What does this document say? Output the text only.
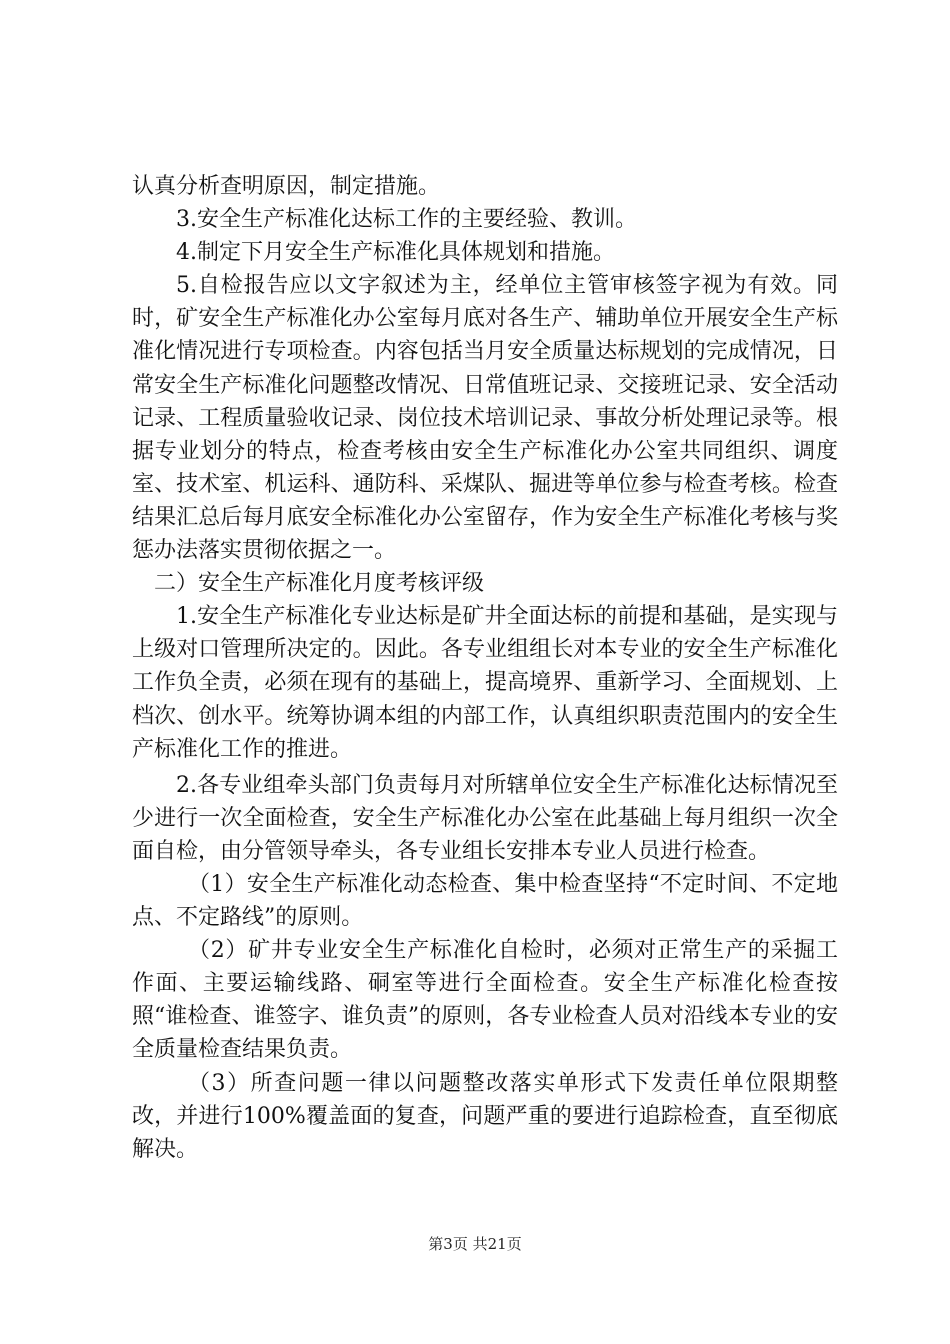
认真分析查明原因，制定措施。

3.安全生产标准化达标工作的主要经验、教训。

4.制定下月安全生产标准化具体规划和措施。

5.自检报告应以文字叙述为主，经单位主管审核签字视为有效。同时，矿安全生产标准化办公室每月底对各生产、辅助单位开展安全生产标准化情况进行专项检查。内容包括当月安全质量达标规划的完成情况，日常安全生产标准化问题整改情况、日常值班记录、交接班记录、安全活动记录、工程质量验收记录、岗位技术培训记录、事故分析处理记录等。根据专业划分的特点，检查考核由安全生产标准化办公室共同组织、调度室、技术室、机运科、通防科、采煤队、掘进等单位参与检查考核。检查结果汇总后每月底安全标准化办公室留存，作为安全生产标准化考核与奖惩办法落实贯彻依据之一。

二）安全生产标准化月度考核评级

1.安全生产标准化专业达标是矿井全面达标的前提和基础，是实现与上级对口管理所决定的。因此。各专业组组长对本专业的安全生产标准化工作负全责，必须在现有的基础上，提高境界、重新学习、全面规划、上档次、创水平。统筹协调本组的内部工作，认真组织职责范围内的安全生产标准化工作的推进。

2.各专业组牵头部门负责每月对所辖单位安全生产标准化达标情况至少进行一次全面检查，安全生产标准化办公室在此基础上每月组织一次全面自检，由分管领导牵头，各专业组长安排本专业人员进行检查。

（1）安全生产标准化动态检查、集中检查坚持“不定时间、不定地点、不定路线”的原则。

（2）矿井专业安全生产标准化自检时，必须对正常生产的采掘工作面、主要运输线路、硐室等进行全面检查。安全生产标准化检查按照“谁检查、谁签字、谁负责”的原则，各专业检查人员对沿线本专业的安全质量检查结果负责。

（3）所查问题一律以问题整改落实单形式下发责任单位限期整改，并进行100%覆盖面的复查，问题严重的要进行追踪检查，直至彻底解决。

第3页 共21页
